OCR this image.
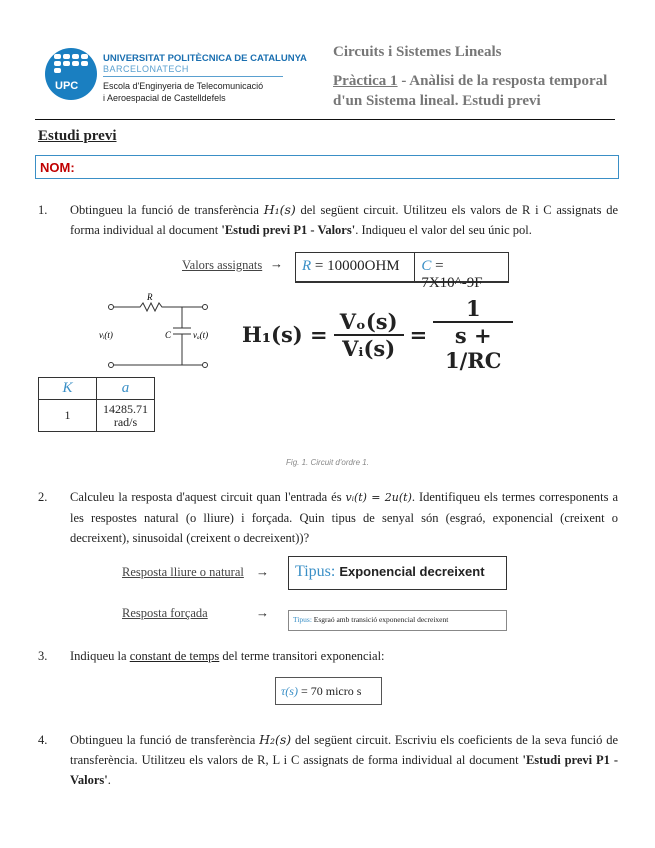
UPC
UNIVERSITAT POLITÈCNICA DE CATALUNYA
BARCELONATECH
Escola d'Enginyeria de Telecomunicació
i Aeroespacial de Castelldefels
Circuits i Sistemes Lineals
Pràctica 1 - Anàlisi de la resposta temporal
d'un Sistema lineal. Estudi previ
Estudi previ
NOM:
1. Obtingueu la funció de transferència H₁(s) del següent circuit. Utilitzeu els valors de R i C assignats de forma individual al document 'Estudi previ P1 - Valors'. Indiqueu el valor del seu únic pol.
Valors assignats →	R = 10000OHM	C = 7X10^-9F
R
C
vᵢ(t)	vₒ(t) $H_1(s) = \frac{\text{Vₒ(s)}}{\text{Vᵢ(s)}} = \frac{1}{s + 1/RC}$
K	a
1	14285.71 rad/s
Fig. 1. Circuit d'ordre 1.
2. Calculeu la resposta d'aquest circuit quan l'entrada és vᵢ(t) = 2u(t). Identifiqueu els termes corresponents a les respostes natural (o lliure) i forçada. Quin tipus de senyal són (esgraó, exponencial (creixent o decreixent), sinusoidal (creixent o decreixent))?
Resposta lliure o natural →	Tipus: Exponencial decreixent
Resposta forçada	→	Tipus: Esgraó amb transició exponencial decreixent
3. Indiqueu la constant de temps del terme transitori exponencial:
τ(s) = 70 micro s
4. Obtingueu la funció de transferència H₂(s) del següent circuit. Escriviu els coeficients de la seva funció de transferència. Utilitzeu els valors de R, L i C assignats de forma individual al document 'Estudi previ P1 - Valors'.
